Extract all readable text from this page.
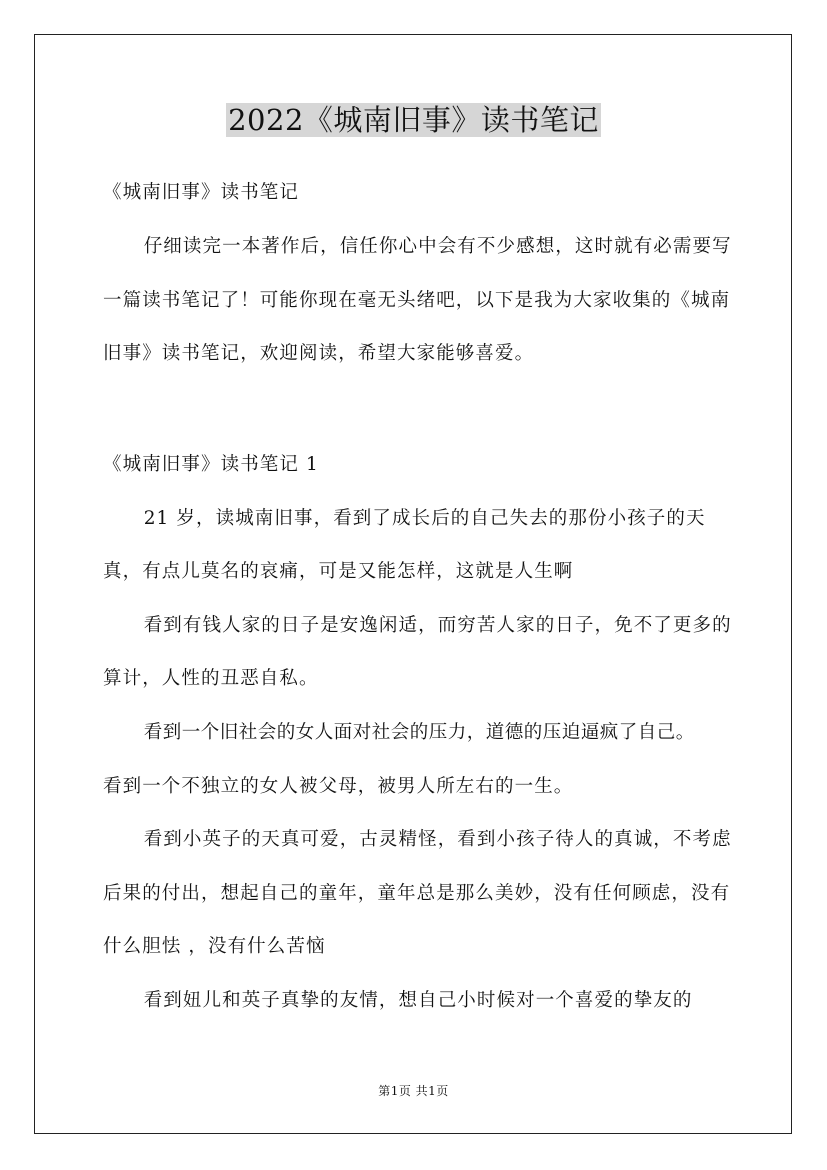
2022《城南旧事》读书笔记

《城南旧事》读书笔记

仔细读完一本著作后，信任你心中会有不少感想，这时就有必需要写一篇读书笔记了！可能你现在毫无头绪吧，以下是我为大家收集的《城南旧事》读书笔记，欢迎阅读，希望大家能够喜爱。

《城南旧事》读书笔记 1

21 岁，读城南旧事，看到了成长后的自己失去的那份小孩子的天真，有点儿莫名的哀痛，可是又能怎样，这就是人生啊

看到有钱人家的日子是安逸闲适，而穷苦人家的日子，免不了更多的算计，人性的丑恶自私。

看到一个旧社会的女人面对社会的压力，道德的压迫逼疯了自己。

看到一个不独立的女人被父母，被男人所左右的一生。

看到小英子的天真可爱，古灵精怪，看到小孩子待人的真诚，不考虑后果的付出，想起自己的童年，童年总是那么美妙，没有任何顾虑，没有什么胆怯 ，没有什么苦恼

看到妞儿和英子真挚的友情，想自己小时候对一个喜爱的挚友的

第1页 共1页
